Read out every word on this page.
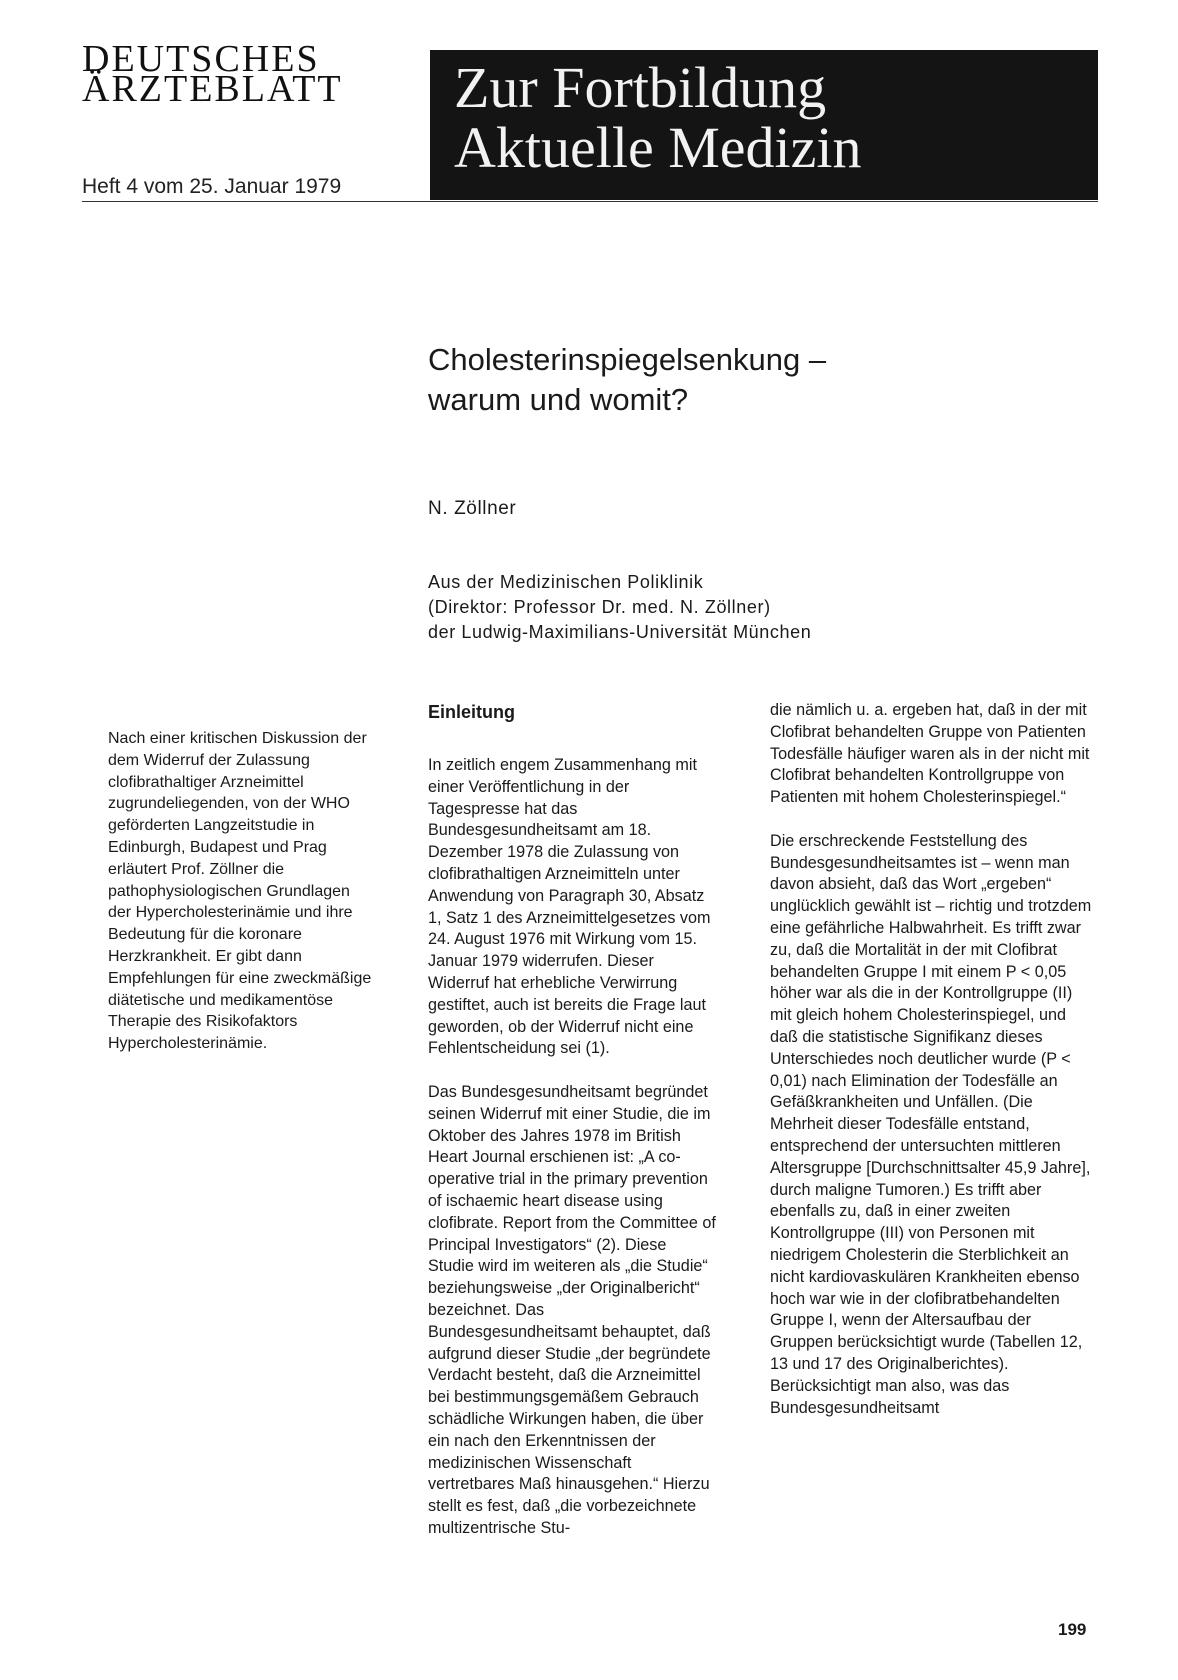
DEUTSCHES
ÄRZTEBLATT
Heft 4 vom 25. Januar 1979
Zur Fortbildung
Aktuelle Medizin
Cholesterinspiegelsenkung –
warum und womit?
N. Zöllner
Aus der Medizinischen Poliklinik
(Direktor: Professor Dr. med. N. Zöllner)
der Ludwig-Maximilians-Universität München
Nach einer kritischen Diskussion der dem Widerruf der Zulassung clofibrathaltiger Arzneimittel zugrundeliegenden, von der WHO geförderten Langzeitstudie in Edinburgh, Budapest und Prag erläutert Prof. Zöllner die pathophysiologischen Grundlagen der Hypercholesterinämie und ihre Bedeutung für die koronare Herzkrankheit. Er gibt dann Empfehlungen für eine zweckmäßige diätetische und medikamentöse Therapie des Risikofaktors Hypercholesterinämie.
Einleitung

In zeitlich engem Zusammenhang mit einer Veröffentlichung in der Tagespresse hat das Bundesgesundheitsamt am 18. Dezember 1978 die Zulassung von clofibrathaltigen Arzneimitteln unter Anwendung von Paragraph 30, Absatz 1, Satz 1 des Arzneimittelgesetzes vom 24. August 1976 mit Wirkung vom 15. Januar 1979 widerrufen. Dieser Widerruf hat erhebliche Verwirrung gestiftet, auch ist bereits die Frage laut geworden, ob der Widerruf nicht eine Fehlentscheidung sei (1).

Das Bundesgesundheitsamt begründet seinen Widerruf mit einer Studie, die im Oktober des Jahres 1978 im British Heart Journal erschienen ist: „A co-operative trial in the primary prevention of ischaemic heart disease using clofibrate. Report from the Committee of Principal Investigators“ (2). Diese Studie wird im weiteren als „die Studie“ beziehungsweise „der Originalbericht“ bezeichnet. Das Bundesgesundheitsamt behauptet, daß aufgrund dieser Studie „der begründete Verdacht besteht, daß die Arzneimittel bei bestimmungsgemäßem Gebrauch schädliche Wirkungen haben, die über ein nach den Erkenntnissen der medizinischen Wissenschaft vertretbares Maß hinausgehen.“ Hierzu stellt es fest, daß „die vorbezeichnete multizentrische Stu-

die nämlich u. a. ergeben hat, daß in der mit Clofibrat behandelten Gruppe von Patienten Todesfälle häufiger waren als in der nicht mit Clofibrat behandelten Kontrollgruppe von Patienten mit hohem Cholesterinspiegel.“

Die erschreckende Feststellung des Bundesgesundheitsamtes ist – wenn man davon absieht, daß das Wort „ergeben“ unglücklich gewählt ist – richtig und trotzdem eine gefährliche Halbwahrheit. Es trifft zwar zu, daß die Mortalität in der mit Clofibrat behandelten Gruppe I mit einem P < 0,05 höher war als die in der Kontrollgruppe (II) mit gleich hohem Cholesterinspiegel, und daß die statistische Signifikanz dieses Unterschiedes noch deutlicher wurde (P < 0,01) nach Elimination der Todesfälle an Gefäßkrankheiten und Unfällen. (Die Mehrheit dieser Todesfälle entstand, entsprechend der untersuchten mittleren Altersgruppe [Durchschnittsalter 45,9 Jahre], durch maligne Tumoren.) Es trifft aber ebenfalls zu, daß in einer zweiten Kontrollgruppe (III) von Personen mit niedrigem Cholesterin die Sterblichkeit an nicht kardiovaskulären Krankheiten ebenso hoch war wie in der clofibratbehandelten Gruppe I, wenn der Altersaufbau der Gruppen berücksichtigt wurde (Tabellen 12, 13 und 17 des Originalberichtes). Berücksichtigt man also, was das Bundesgesundheitsamt

199
